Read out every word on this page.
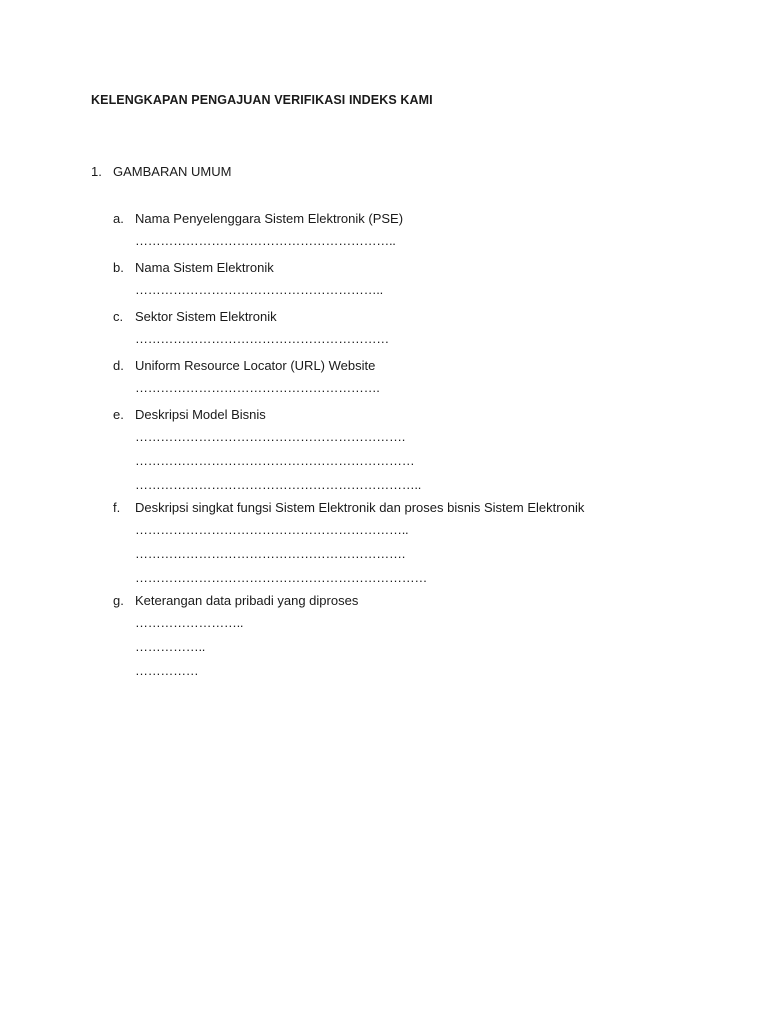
KELENGKAPAN PENGAJUAN VERIFIKASI INDEKS KAMI
1. GAMBARAN UMUM
a. Nama Penyelenggara Sistem Elektronik (PSE)
……………………………………………………..
b. Nama Sistem Elektronik
…………………………………………………..
c. Sektor Sistem Elektronik
……………………………………………………
d. Uniform Resource Locator (URL) Website
………………………………………………….
e. Deskripsi Model Bisnis
……………………………………………………….
…………………………………………………………
…………………………………………………………..
f.	Deskripsi singkat fungsi Sistem Elektronik dan proses bisnis Sistem Elektronik
………………………………………………………..
……………………………………………………….
……………………………………………………………
g. Keterangan data pribadi yang diproses
……………………..
……………..
……………
